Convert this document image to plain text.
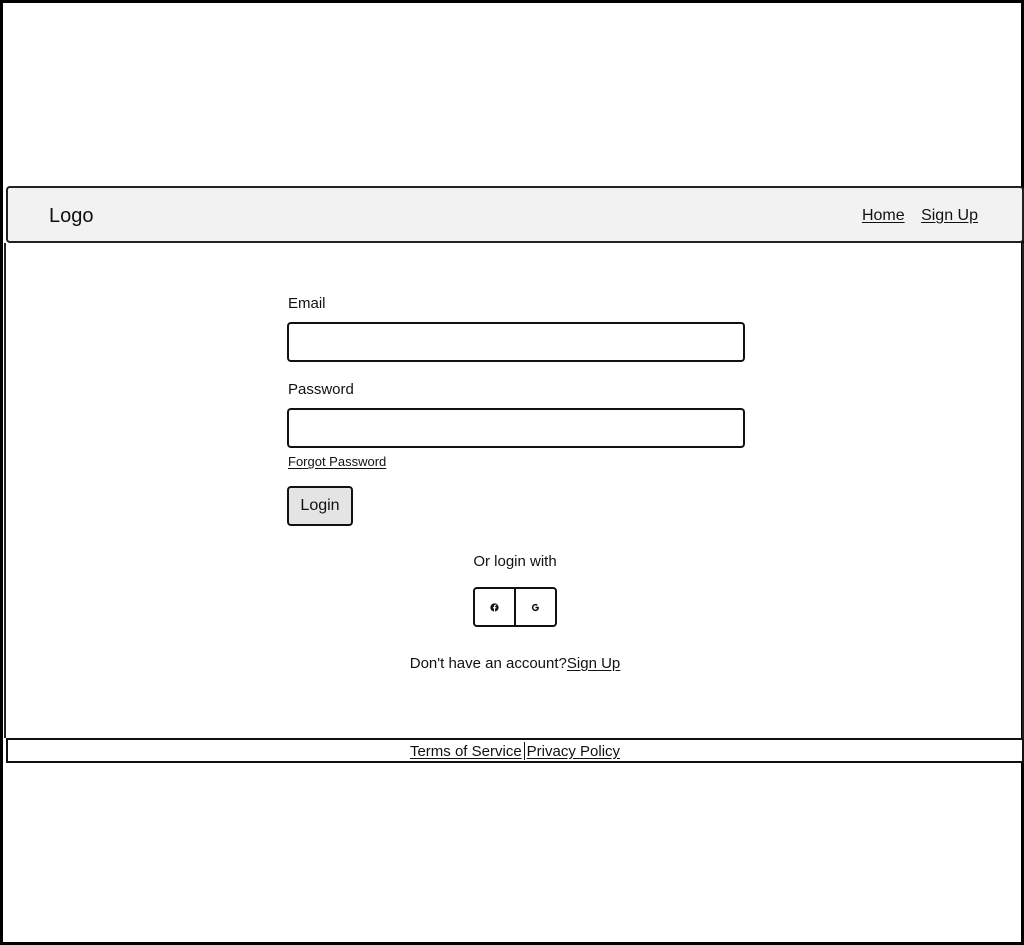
Logo	Home Sign Up
Email
Password
Forgot Password
Login
Or login with
Don't have an account?Sign Up
Terms of Service Privacy Policy
